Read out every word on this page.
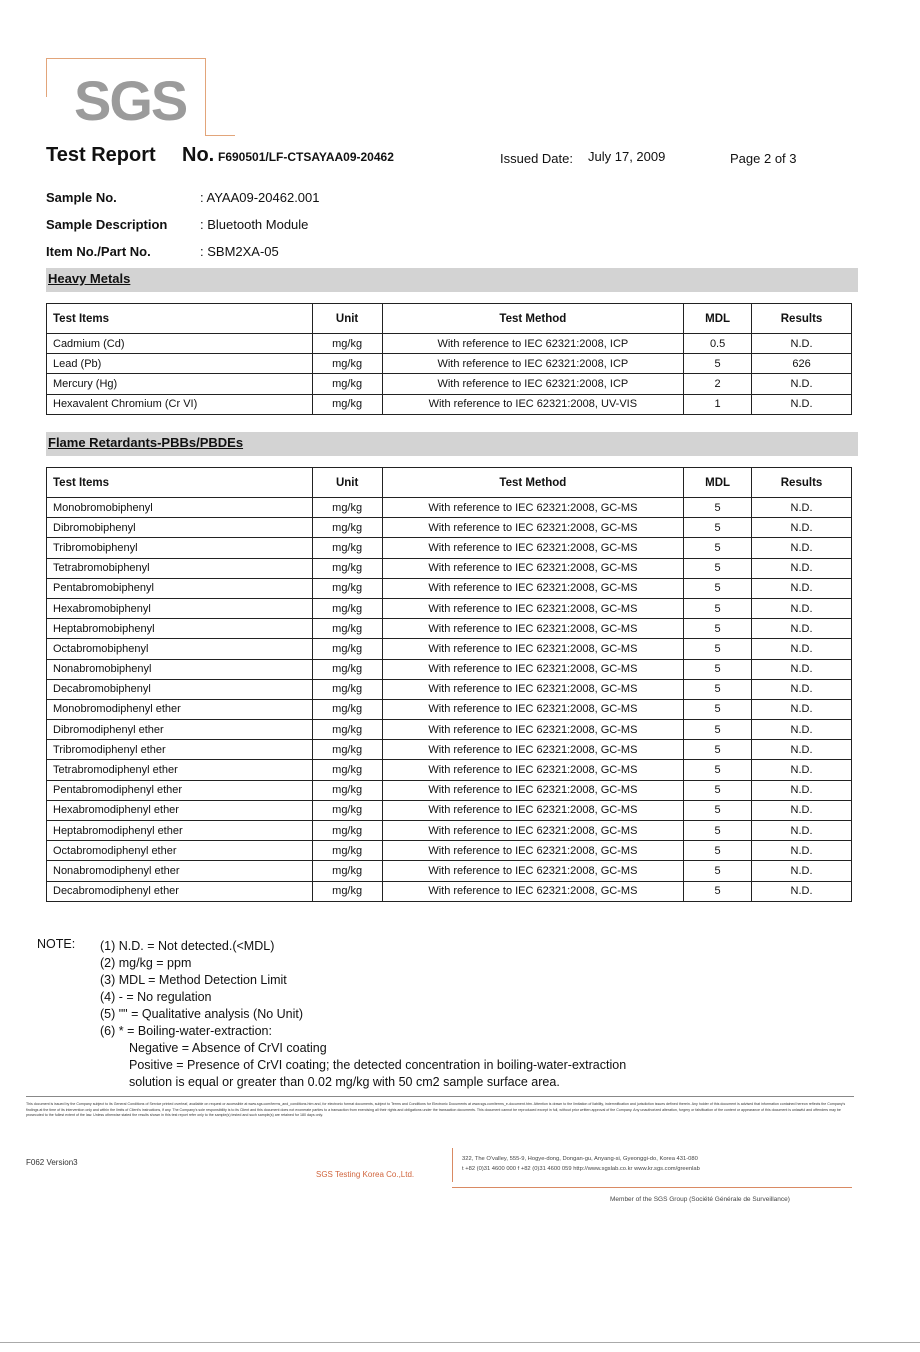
SGS
Test Report No. F690501/LF-CTSAYAA09-20462	Issued Date: July 17, 2009	Page 2 of 3
Sample No.	: AYAA09-20462.001
Sample Description	: Bluetooth Module
Item No./Part No.	: SBM2XA-05
Heavy Metals
Test Items	Unit	Test Method	MDL	Results
Cadmium (Cd)	mg/kg	With reference to IEC 62321:2008, ICP	0.5	N.D.
Lead (Pb)	mg/kg	With reference to IEC 62321:2008, ICP	5	626
Mercury (Hg)	mg/kg	With reference to IEC 62321:2008, ICP	2	N.D.
Hexavalent Chromium (Cr VI)	mg/kg	With reference to IEC 62321:2008, UV-VIS	1	N.D.
Flame Retardants-PBBs/PBDEs
Test Items	Unit	Test Method	MDL	Results
Monobromobiphenyl	mg/kg	With reference to IEC 62321:2008, GC-MS	5	N.D.
Dibromobiphenyl	mg/kg	With reference to IEC 62321:2008, GC-MS	5	N.D.
Tribromobiphenyl	mg/kg	With reference to IEC 62321:2008, GC-MS	5	N.D.
Tetrabromobiphenyl	mg/kg	With reference to IEC 62321:2008, GC-MS	5	N.D.
Pentabromobiphenyl	mg/kg	With reference to IEC 62321:2008, GC-MS	5	N.D.
Hexabromobiphenyl	mg/kg	With reference to IEC 62321:2008, GC-MS	5	N.D.
Heptabromobiphenyl	mg/kg	With reference to IEC 62321:2008, GC-MS	5	N.D.
Octabromobiphenyl	mg/kg	With reference to IEC 62321:2008, GC-MS	5	N.D.
Nonabromobiphenyl	mg/kg	With reference to IEC 62321:2008, GC-MS	5	N.D.
Decabromobiphenyl	mg/kg	With reference to IEC 62321:2008, GC-MS	5	N.D.
Monobromodiphenyl ether	mg/kg	With reference to IEC 62321:2008, GC-MS	5	N.D.
Dibromodiphenyl ether	mg/kg	With reference to IEC 62321:2008, GC-MS	5	N.D.
Tribromodiphenyl ether	mg/kg	With reference to IEC 62321:2008, GC-MS	5	N.D.
Tetrabromodiphenyl ether	mg/kg	With reference to IEC 62321:2008, GC-MS	5	N.D.
Pentabromodiphenyl ether	mg/kg	With reference to IEC 62321:2008, GC-MS	5	N.D.
Hexabromodiphenyl ether	mg/kg	With reference to IEC 62321:2008, GC-MS	5	N.D.
Heptabromodiphenyl ether	mg/kg	With reference to IEC 62321:2008, GC-MS	5	N.D.
Octabromodiphenyl ether	mg/kg	With reference to IEC 62321:2008, GC-MS	5	N.D.
Nonabromodiphenyl ether	mg/kg	With reference to IEC 62321:2008, GC-MS	5	N.D.
Decabromodiphenyl ether	mg/kg	With reference to IEC 62321:2008, GC-MS	5	N.D.
NOTE: (1) N.D. = Not detected.(<MDL)
(2) mg/kg = ppm
(3) MDL = Method Detection Limit
(4) - = No regulation
(5) "" = Qualitative analysis (No Unit)
(6) * = Boiling-water-extraction:
Negative = Absence of CrVI coating
Positive = Presence of CrVI coating; the detected concentration in boiling-water-extraction
solution is equal or greater than 0.02 mg/kg with 50 cm2 sample surface area.
This document is issued by the Company subject to its General Conditions of Service printed overleaf, available on request or accessible at www.sgs.com/terms_and_conditions.htm and, for electronic format documents, subject to Terms and Conditions for Electronic Documents at www.sgs.com/terms_e-document.htm. Attention is drawn to the limitation of liability, indemnification and jurisdiction issues defined therein. Any holder of this document is advised that information contained hereon reflects the Company's findings at the time of its intervention only and within the limits of Client's instructions, if any. The Company's sole responsibility is to its Client and this document does not exonerate parties to a transaction from exercising all their rights and obligations under the transaction documents. This document cannot be reproduced except in full, without prior written approval of the Company. Any unauthorized alteration, forgery or falsification of the content or appearance of this document is unlawful and offenders may be prosecuted to the fullest extent of the law. Unless otherwise stated the results shown in this test report refer only to the sample(s) tested and such sample(s) are retained for 180 days only.
F062 Version3
SGS Testing Korea Co.,Ltd.
322, The O'valley, 555-9, Hogye-dong, Dongan-gu, Anyang-si, Gyeonggi-do, Korea 431-080
t +82 (0)31 4600 000 f +82 (0)31 4600 059 http://www.sgslab.co.kr www.kr.sgs.com/greenlab
Member of the SGS Group (Société Générale de Surveillance)
